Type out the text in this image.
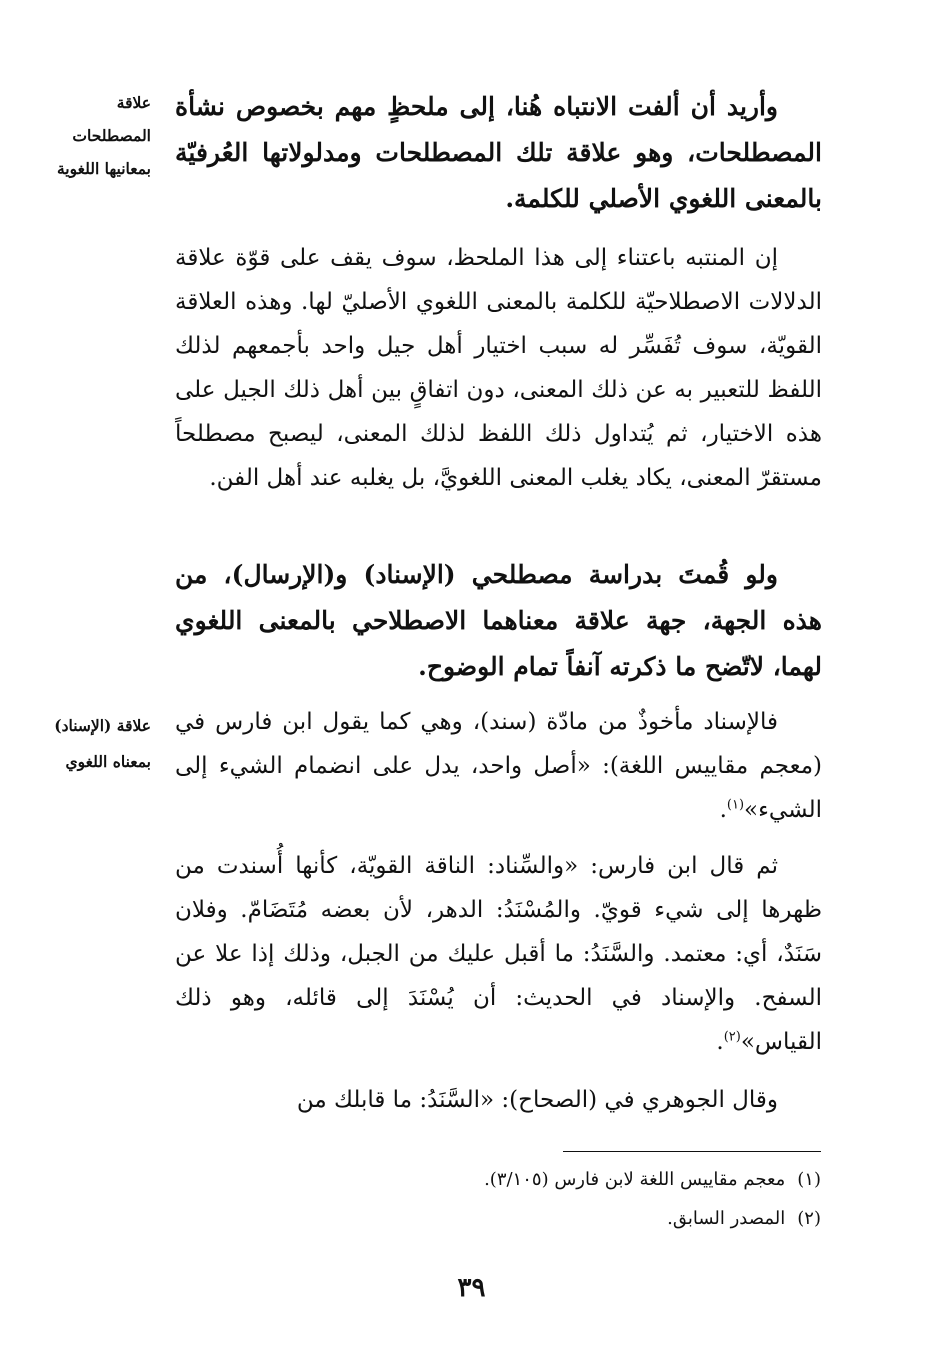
علاقة
المصطلحات
بمعانيها اللغوية
علاقة (الإسناد)
بمعناه اللغوي

وأريد أن ألفت الانتباه هُنا، إلى ملحظٍ مهم بخصوص نشأة المصطلحات، وهو علاقة تلك المصطلحات ومدلولاتها العُرفيّة بالمعنى اللغوي الأصلي للكلمة.

إن المنتبه باعتناء إلى هذا الملحظ، سوف يقف على قوّة علاقة الدلالات الاصطلاحيّة للكلمة بالمعنى اللغوي الأصليّ لها. وهذه العلاقة القويّة، سوف تُفَسِّر له سبب اختيار أهل جيل واحد بأجمعهم لذلك اللفظ للتعبير به عن ذلك المعنى، دون اتفاقٍ بين أهل ذلك الجيل على هذه الاختيار، ثم يُتداول ذلك اللفظ لذلك المعنى، ليصبح مصطلحاً مستقرّ المعنى، يكاد يغلب المعنى اللغويَّ، بل يغلبه عند أهل الفن.

ولو قُمتَ بدراسة مصطلحي (الإسناد) و(الإرسال)، من هذه الجهة، جهة علاقة معناهما الاصطلاحي بالمعنى اللغوي لهما، لاتّضح ما ذكرته آنفاً تمام الوضوح.

فالإسناد مأخوذٌ من مادّة (سند)، وهي كما يقول ابن فارس في (معجم مقاييس اللغة): «أصل واحد، يدل على انضمام الشيء إلى الشيء»$^{(١)}$.

ثم قال ابن فارس: «والسِّناد: الناقة القويّة، كأنها أُسندت من ظهرها إلى شيء قويّ. والمُسْنَدُ: الدهر، لأن بعضه مُتَضَامّ. وفلان سَنَدٌ، أي: معتمد. والسَّنَدُ: ما أقبل عليك من الجبل، وذلك إذا علا عن السفح. والإسناد في الحديث: أن يُسْنَدَ إلى قائله، وهو ذلك القياس»$^{(٢)}$.

وقال الجوهري في (الصحاح): «السَّنَدُ: ما قابلك من

(١)معجم مقاييس اللغة لابن فارس (٣/١٠٥).
(٢)المصدر السابق.
٣٩
